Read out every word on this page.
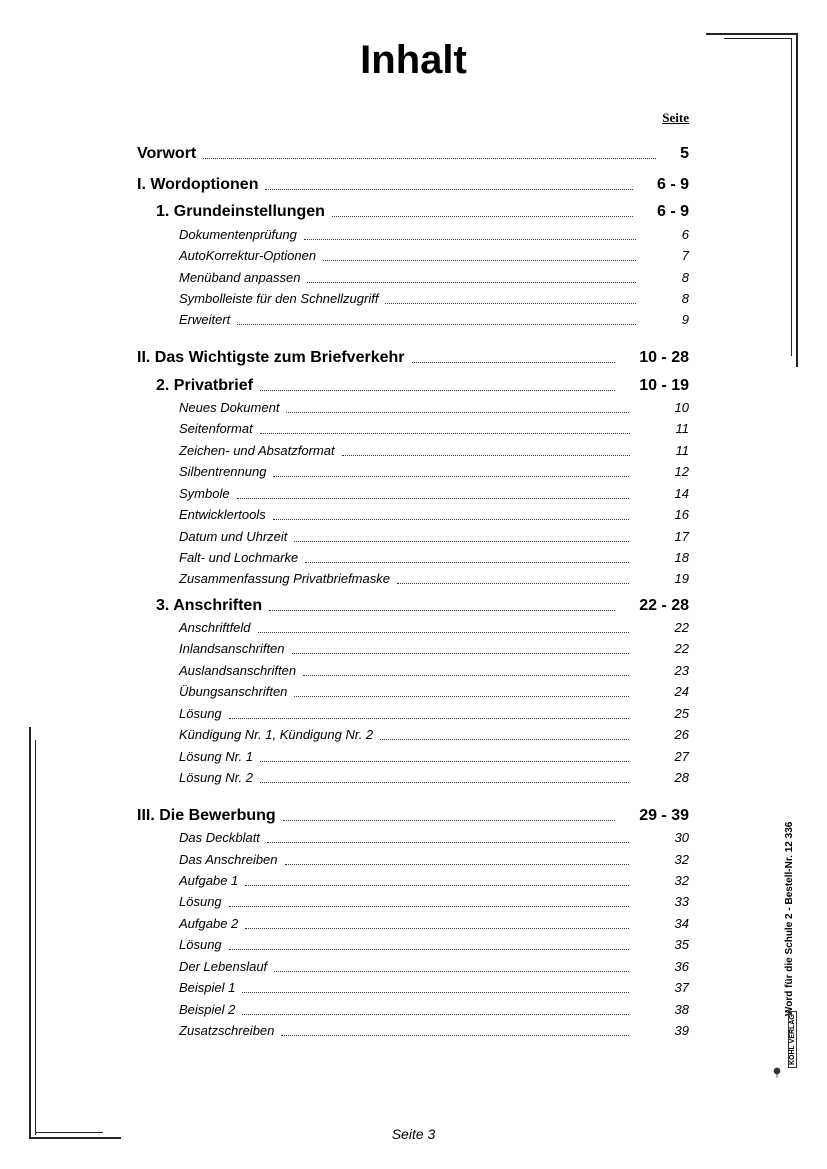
Inhalt
Seite
Vorwort	5
I. Wordoptionen	6 - 9
1. Grundeinstellungen	6 - 9
Dokumentenprüfung	6
AutoKorrektur-Optionen	7
Menüband anpassen	8
Symbolleiste für den Schnellzugriff	8
Erweitert	9
II. Das Wichtigste zum Briefverkehr	10 - 28
2. Privatbrief	10 - 19
Neues Dokument	10
Seitenformat	11
Zeichen- und Absatzformat	11
Silbentrennung	12
Symbole	14
Entwicklertools	16
Datum und Uhrzeit	17
Falt- und Lochmarke	18
Zusammenfassung Privatbriefmaske	19
3. Anschriften	22 - 28
Anschriftfeld	22
Inlandsanschriften	22
Auslandsanschriften	23
Übungsanschriften	24
Lösung	25
Kündigung Nr. 1, Kündigung Nr. 2	26
Lösung Nr. 1	27
Lösung Nr. 2	28
III. Die Bewerbung	29 - 39
Das Deckblatt	30
Das Anschreiben	32
Aufgabe 1	32
Lösung	33
Aufgabe 2	34
Lösung	35
Der Lebenslauf	36
Beispiel 1	37
Beispiel 2	38
Zusatzschreiben	39
Seite 3
Word für die Schule 2 - Bestell-Nr. 12 336
KOHL VERLAG
